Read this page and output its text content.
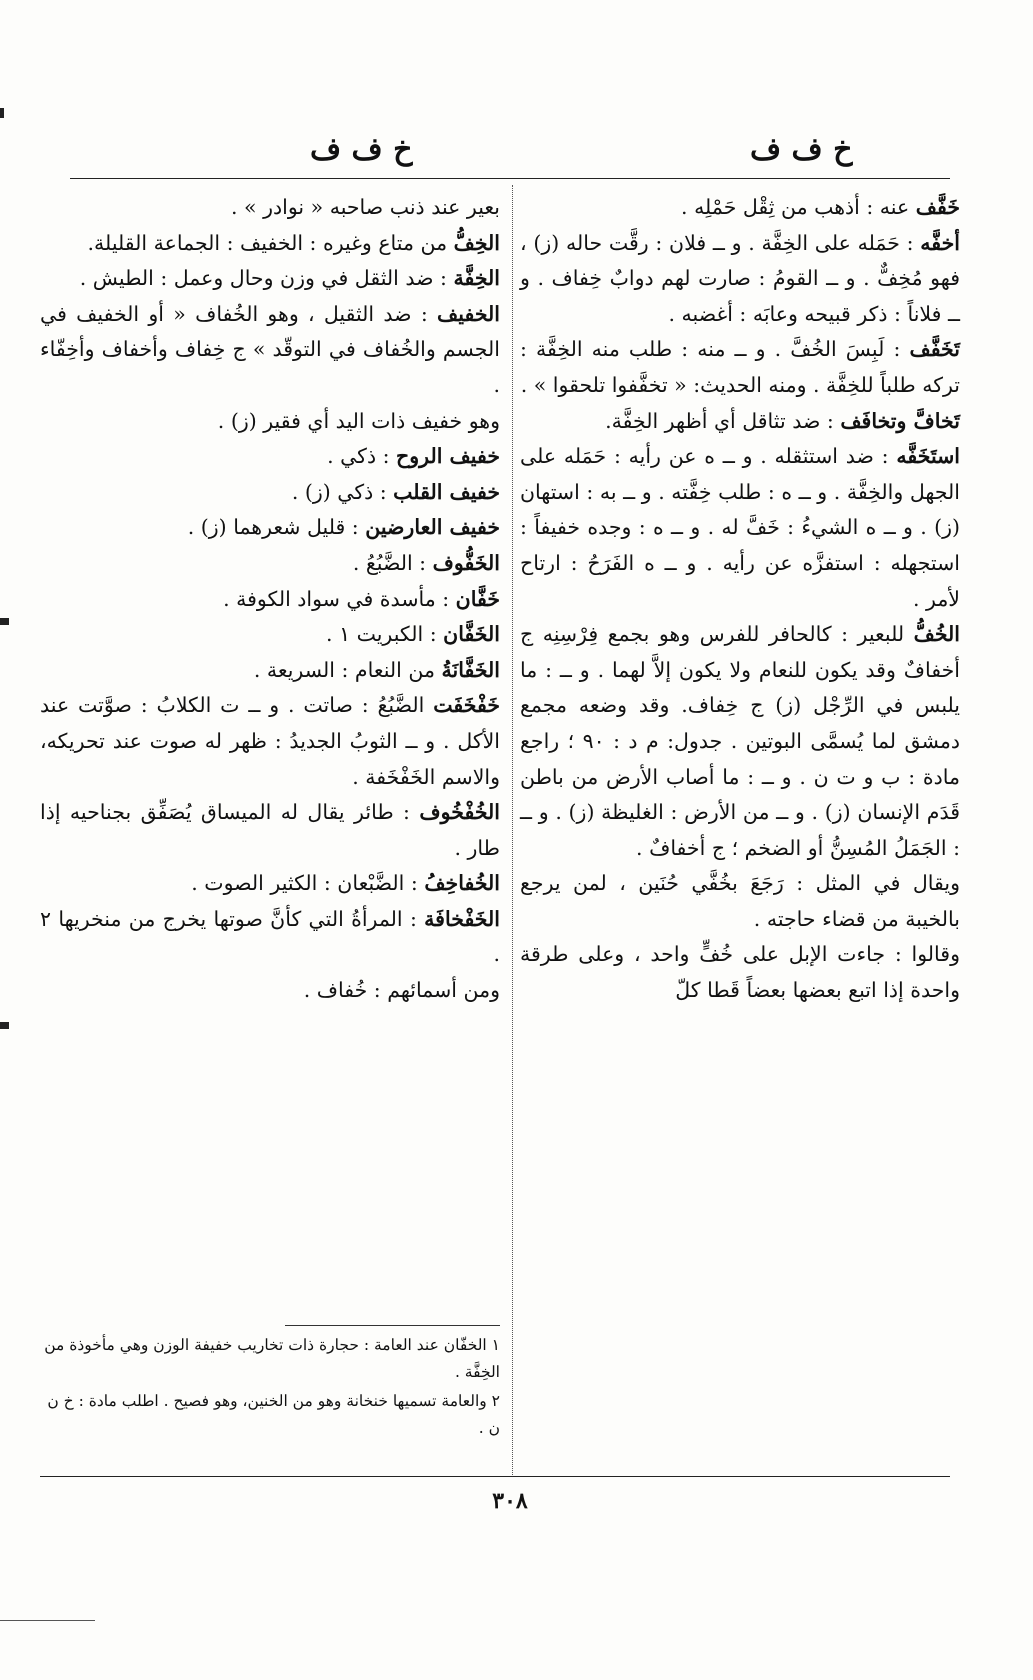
خ ف ف	خ ف ف

خَفَّف عنه : أذهب من ثِقْل حَمْلِه .

أخفَّه : حَمَله على الخِفَّة . و ــ فلان : رقَّت حاله (ز) ، فهو مُخِفٌّ . و ــ القومُ : صارت لهم دوابٌ خِفاف . و ــ فلاناً : ذكر قبيحه وعابَه : أغضبه .

تَخَفَّف : لَبِسَ الخُفَّ . و ــ منه : طلب منه الخِفَّة : تركه طلباً للخِفَّة . ومنه الحديث: « تخفَّفوا تلحقوا » .

تَخافَّ وتخافَف : ضد تثاقل أي أظهر الخِفَّة.

استَخَفَّه : ضد استثقله . و ــ ه عن رأيه : حَمَله على الجهل والخِفَّة . و ــ ه : طلب خِفَّته . و ــ به : استهان (ز) . و ــ ه الشيءُ : خَفَّ له . و ــ ه : وجده خفيفاً : استجهله : استفزَّه عن رأيه . و ــ ه الفَرَحُ : ارتاح لأمر .

الخُفُّ للبعير : كالحافر للفرس وهو بجمع فِرْسِنِه ج أخفافٌ وقد يكون للنعام ولا يكون إلاَّ لهما . و ــ : ما يلبس في الرِّجْل (ز) ج خِفاف. وقد وضعه مجمع دمشق لما يُسمَّى البوتين . جدول: م د : ٩٠ ؛ راجع مادة : ب و ت ن . و ــ : ما أصاب الأرض من باطن قَدَم الإنسان (ز) . و ــ من الأرض : الغليظة (ز) . و ــ : الجَمَلُ المُسِنُّ أو الضخم ؛ ج أخفافٌ .

ويقال في المثل : رَجَعَ بخُفَّي حُنَين ، لمن يرجع بالخيبة من قضاء حاجته .

وقالوا : جاءت الإبل على خُفٍّ واحد ، وعلى طرقة واحدة إذا اتبع بعضها بعضاً قَطا كلّ

بعير عند ذنب صاحبه « نوادر » .

الخِفُّ من متاع وغيره : الخفيف : الجماعة القليلة.

الخِفَّة : ضد الثقل في وزن وحال وعمل : الطيش .

الخفيف : ضد الثقيل ، وهو الخُفاف « أو الخفيف في الجسم والخُفاف في التوقّد » ج خِفاف وأخفاف وأخِفّاء .

وهو خفيف ذات اليد أي فقير (ز) .

خفيف الروح : ذكي .

خفيف القلب : ذكي (ز) .

خفيف العارضين : قليل شعرهما (ز) .

الخَفُّوف : الضَّبُعُ .

خَفَّان : مأسدة في سواد الكوفة .

الخَفَّان : الكبريت ١ .

الخَفَّانَةُ من النعام : السريعة .

خَفْخَفَت الضَّبُعُ : صاتت . و ــ ت الكلابُ : صوَّتت عند الأكل . و ــ الثوبُ الجديدُ : ظهر له صوت عند تحريكه، والاسم الخَفْخَفة .

الخُفْخُوف : طائر يقال له الميساق يُصَفِّق بجناحيه إذا طار .

الخُفاخِفُ : الضَّبْعان : الكثير الصوت .

الخَفْخافَة : المرأةُ التي كأنَّ صوتها يخرج من منخريها ٢ .

ومن أسمائهم : خُفاف .

١ الخفّان عند العامة : حجارة ذات تخاريب خفيفة الوزن وهي مأخوذة من الخِفَّة .

٢ والعامة تسميها خنخانة وهو من الخنين، وهو فصيح . اطلب مادة : خ ن ن .

٣٠٨
